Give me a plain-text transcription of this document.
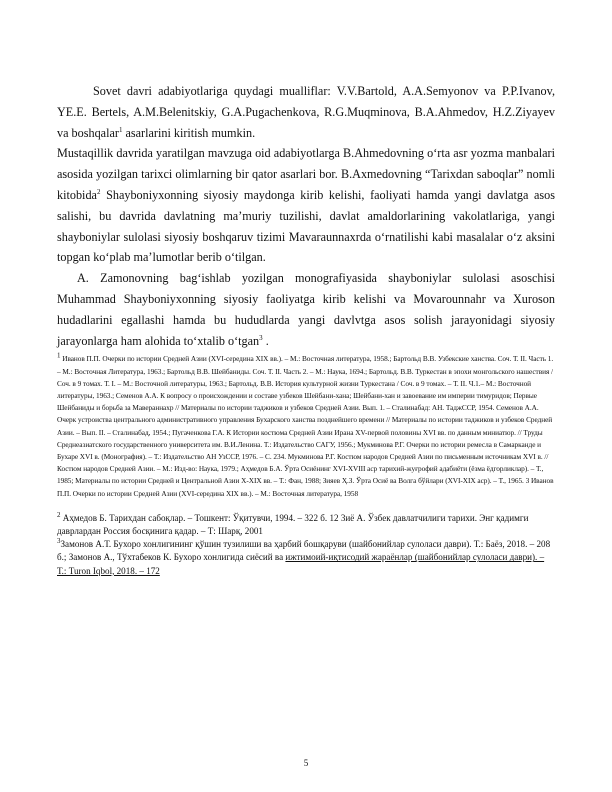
Sovet davri adabiyotlariga quydagi mualliflar: V.V.Bartold, A.A.Semyonov va P.P.Ivanov, YE.E. Bertels, A.M.Belenitskiy, G.A.Pugachenkova, R.G.Muqminova, B.A.Ahmedov, H.Z.Ziyayev va boshqalar$^1$ asarlarini kiritish mumkin.

Mustaqillik davrida yaratilgan mavzuga oid adabiyotlarga B.Ahmedovning o‘rta asr yozma manbalari asosida yozilgan tarixci olimlarning bir qator asarlari bor. B.Axmedovning “Tarixdan saboqlar” nomli kitobida$^2$ Shayboniyxonning siyosiy maydonga kirib kelishi, faoliyati hamda yangi davlatga asos salishi, bu davrida davlatning ma’muriy tuzilishi, davlat amaldorlarining vakolatlariga, yangi shayboniylar sulolasi siyosiy boshqaruv tizimi Mavaraunnaxrda o‘rnatilishi kabi masalalar o‘z aksini topgan ko‘plab ma’lumotlar berib o‘tilgan.

A. Zamonovning bag‘ishlab yozilgan monografiyasida shayboniylar sulolasi asoschisi Muhammad Shayboniyxonning siyosiy faoliyatga kirib kelishi va Movarounnahr va Xuroson hudadlarini egallashi hamda bu hududlarda yangi davlvtga asos solish jarayonidagi siyosiy jarayonlarga ham alohida to‘xtalib o‘tgan$^3$ .

$^1$ Иванов П.П. Очерки по истории Средней Азии (XVI-середина XIX вв.). – М.: Восточная литература, 1958.; Бартольд В.В. Узбекские ханства. Соч. Т. II. Часть 1. – М.: Восточная Литература, 1963.; Бартольд В.В. Шейбаниды. Соч. Т. II. Часть 2. – М.: Наука, 1694.; Бартольд. В.В. Туркестан в эпохи монгольского нашествия / Соч. в 9 томах. Т. I. – М.: Восточной литературы, 1963.; Бартольд. В.В. История культурной жизни Туркестана / Соч. в 9 томах. – Т. II. Ч.1.– М.: Восточной литературы, 1963.; Семенов А.А. К вопросу о происхождении и составе узбеков Шейбани-хана; Шейбани-хан и завоевание им империи тимуридов; Первые Шейбаниды и борьба за Мавераннахр // Материалы по истории таджиков и узбеков Средней Азии. Вып. 1. – Сталинабад: АН. ТаджССР, 1954. Семенов А.А. Очерк устроиства центрального административного управления Бухарского ханства позднейшего времени // Материалы по истории таджиков и узбеков Средней Азии. – Вып. II. – Сталинабад, 1954.; Пугаченкова Г.А. К Истории костюма Средней Азии Ирана XV-первой половины XVI вв. по данным миниатюр. // Труды Среднеазиатского государственного университета им. В.И.Ленина. Т.: Издательство САГУ, 1956.; Мукминова Р.Г. Очерки по истории ремесла в Самарканде и Бухаре XVI в. (Монография). – Т.: Издательство АН УзССР, 1976. – С. 234. Мукминова Р.Г. Костюм народов Средней Азии по письменным источникам XVI в. // Костюм народов Средней Азии. – М.: Изд-во: Наука, 1979.; Аҳмедов Б.А. Ўрта Осиёнинг XVI-XVIII аср тарихий-жуғрофий адабиёти (ёзма ёдгорликлар). – Т., 1985; Материалы по истории Средней и Центральной Азии X-XIX вв. – Т.: Фан, 1988; Зияев Ҳ.З. Ўрта Осиё ва Волга бўйлари (XVI-XIX аср). – Т., 1965. 3 Иванов П.П. Очерки по истории Средней Азии (XVI-середина XIX вв.). – М.: Восточная литература, 1958

$^2$ Аҳмедов Б. Тарихдан сабоқлар. – Тошкент: Ўқитувчи, 1994. – 322 б. 12 3иё А. Ўзбек давлатчилиги тарихи. Энг қадимги даврлардан Россия босқинига қадар. – Т: Шарқ, 2001

$^3$Замонов А.Т. Бухоро хонлигининг қўшин тузилиши ва ҳарбий бошқаруви (шайбонийлар сулоласи даври). Т.: Баёз, 2018. – 208 б.; Замонов А., Тўхтабеков К. Бухоро хонлигида сиёсий ва ижтимоий-иқтисодий жараёнлар (шайбонийлар сулоласи даври). – Т.: Turon Iqbol, 2018. – 172

5
